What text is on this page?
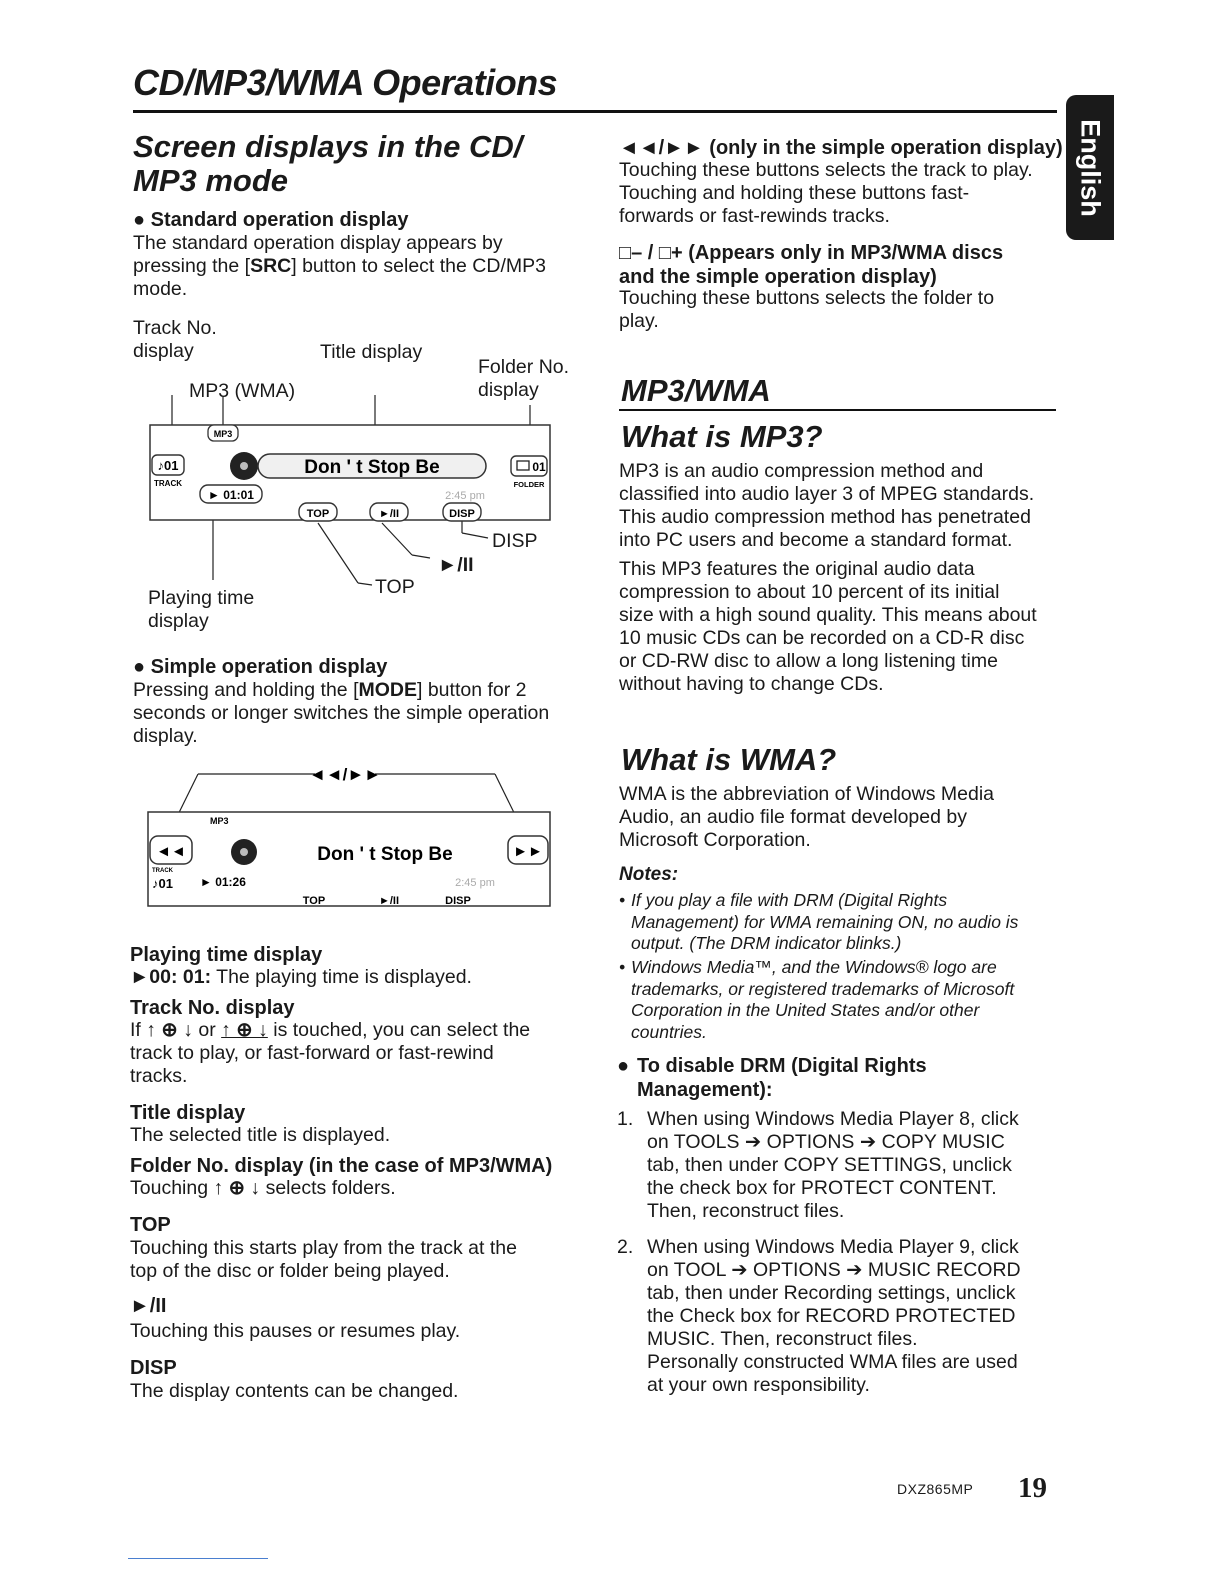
CD/MP3/WMA Operations
English
Screen displays in the CD/ MP3 mode
● Standard operation display
The standard operation display appears by
pressing the [SRC] button to select the CD/MP3
mode.
Track No.
display	Title display
Folder No.
display
MP3 (WMA)
DISP
►/II
TOP
Playing time
display
MP3
♪01
TRACK
Don ' t Stop Be	01
FOLDER
► 01:01	2:45 pm
TOP	►/II	DISP
● Simple operation display
Pressing and holding the [MODE] button for 2
seconds or longer switches the simple operation
display.
◄◄/►►
MP3
◄◄	►►
Don ' t Stop Be
TRACK
♪01 ► 01:26	2:45 pm
TOP	►/II	DISP
Playing time display
►00: 01: The playing time is displayed.
Track No. display
If ↑ ⊕ ↓ or ↑ ⊕ ↓ is touched, you can select the
track to play, or fast-forward or fast-rewind
tracks.
Title display
The selected title is displayed.
Folder No. display (in the case of MP3/WMA)
Touching ↑ ⊕ ↓ selects folders.
TOP
Touching this starts play from the track at the
top of the disc or folder being played.
►/II
Touching this pauses or resumes play.
DISP
The display contents can be changed.
◄◄/►► (only in the simple operation display)
Touching these buttons selects the track to play.
Touching and holding these buttons fast-
forwards or fast-rewinds tracks.
□– / □+ (Appears only in MP3/WMA discs
and the simple operation display)
Touching these buttons selects the folder to
play.
MP3/WMA
What is MP3?
MP3 is an audio compression method and
classified into audio layer 3 of MPEG standards.
This audio compression method has penetrated
into PC users and become a standard format.
This MP3 features the original audio data
compression to about 10 percent of its initial
size with a high sound quality. This means about
10 music CDs can be recorded on a CD-R disc
or CD-RW disc to allow a long listening time
without having to change CDs.
What is WMA?
WMA is the abbreviation of Windows Media
Audio, an audio file format developed by
Microsoft Corporation.
Notes:
• If you play a file with DRM (Digital Rights
Management) for WMA remaining ON, no audio is
output. (The DRM indicator blinks.)
• Windows Media™, and the Windows® logo are
trademarks, or registered trademarks of Microsoft
Corporation in the United States and/or other
countries.
● To disable DRM (Digital Rights
Management):
1. When using Windows Media Player 8, click
on TOOLS ➔ OPTIONS ➔ COPY MUSIC
tab, then under COPY SETTINGS, unclick
the check box for PROTECT CONTENT.
Then, reconstruct files.
2. When using Windows Media Player 9, click
on TOOL ➔ OPTIONS ➔ MUSIC RECORD
tab, then under Recording settings, unclick
the Check box for RECORD PROTECTED
MUSIC. Then, reconstruct files.
Personally constructed WMA files are used
at your own responsibility.
DXZ865MP 19
